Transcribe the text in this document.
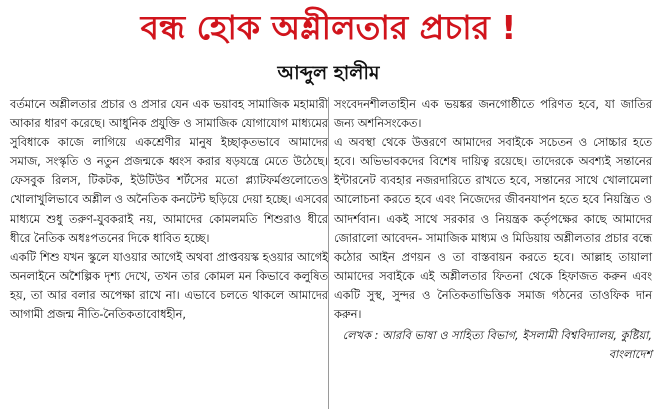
বন্ধ হোক অশ্লীলতার প্রচার !
আব্দুল হালীম

বর্তমানে অশ্লীলতার প্রচার ও প্রসার যেন এক ভয়াবহ সামাজিক মহামারী আকার ধারণ করেছে। আধুনিক প্রযুক্তি ও সামাজিক যোগাযোগ মাধ্যমের সুবিধাকে কাজে লাগিয়ে একশ্রেণীর মানুষ ইচ্ছাকৃতভাবে আমাদের সমাজ, সংস্কৃতি ও নতুন প্রজন্মকে ধ্বংস করার ষড়যন্ত্রে মেতে উঠেছে। ফেসবুক রিলস, টিকটক, ইউটিউব শর্টসের মতো প্ল্যাটফর্মগুলোতেও খোলাখুলিভাবে অশ্লীল ও অনৈতিক কনটেন্ট ছড়িয়ে দেয়া হচ্ছে। এসবের মাধ্যমে শুধু তরুণ-যুবকরাই নয়, আমাদের কোমলমতি শিশুরাও ধীরে ধীরে নৈতিক অধঃপতনের দিকে ধাবিত হচ্ছে।

একটি শিশু যখন স্কুলে যাওয়ার আগেই অথবা প্রাপ্তবয়স্ক হওয়ার আগেই অনলাইনে অশৈল্পিক দৃশ্য দেখে, তখন তার কোমল মন কিভাবে কলুষিত হয়, তা আর বলার অপেক্ষা রাখে না। এভাবে চলতে থাকলে আমাদের আগামী প্রজন্ম নীতি-নৈতিকতাবোধহীন,

সংবেদনশীলতাহীন এক ভয়ঙ্কর জনগোষ্ঠীতে পরিণত হবে, যা জাতির জন্য অশনিসংকেত।

এ অবস্থা থেকে উত্তরণে আমাদের সবাইকে সচেতন ও সোচ্চার হতে হবে। অভিভাবকদের বিশেষ দায়িত্ব রয়েছে। তাদেরকে অবশ্যই সন্তানের ইন্টারনেট ব্যবহার নজরদারিতে রাখতে হবে, সন্তানের সাথে খোলামেলা আলোচনা করতে হবে এবং নিজেদের জীবনযাপন হতে হবে নিয়ন্ত্রিত ও আদর্শবান। একই সাথে সরকার ও নিয়ন্ত্রক কর্তৃপক্ষের কাছে আমাদের জোরালো আবেদন- সামাজিক মাধ্যম ও মিডিয়ায় অশ্লীলতার প্রচার বন্ধে কঠোর আইন প্রণয়ন ও তা বাস্তবায়ন করতে হবে। আল্লাহ তায়ালা আমাদের সবাইকে এই অশ্লীলতার ফিতনা থেকে হিফাজত করুন এবং একটি সুস্থ, সুন্দর ও নৈতিকতাভিত্তিক সমাজ গঠনের তাওফিক দান করুন।

লেখক : আরবি ভাষা ও সাহিত্য বিভাগ, ইসলামী বিশ্ববিদ্যালয়, কুষ্টিয়া, বাংলাদেশ
